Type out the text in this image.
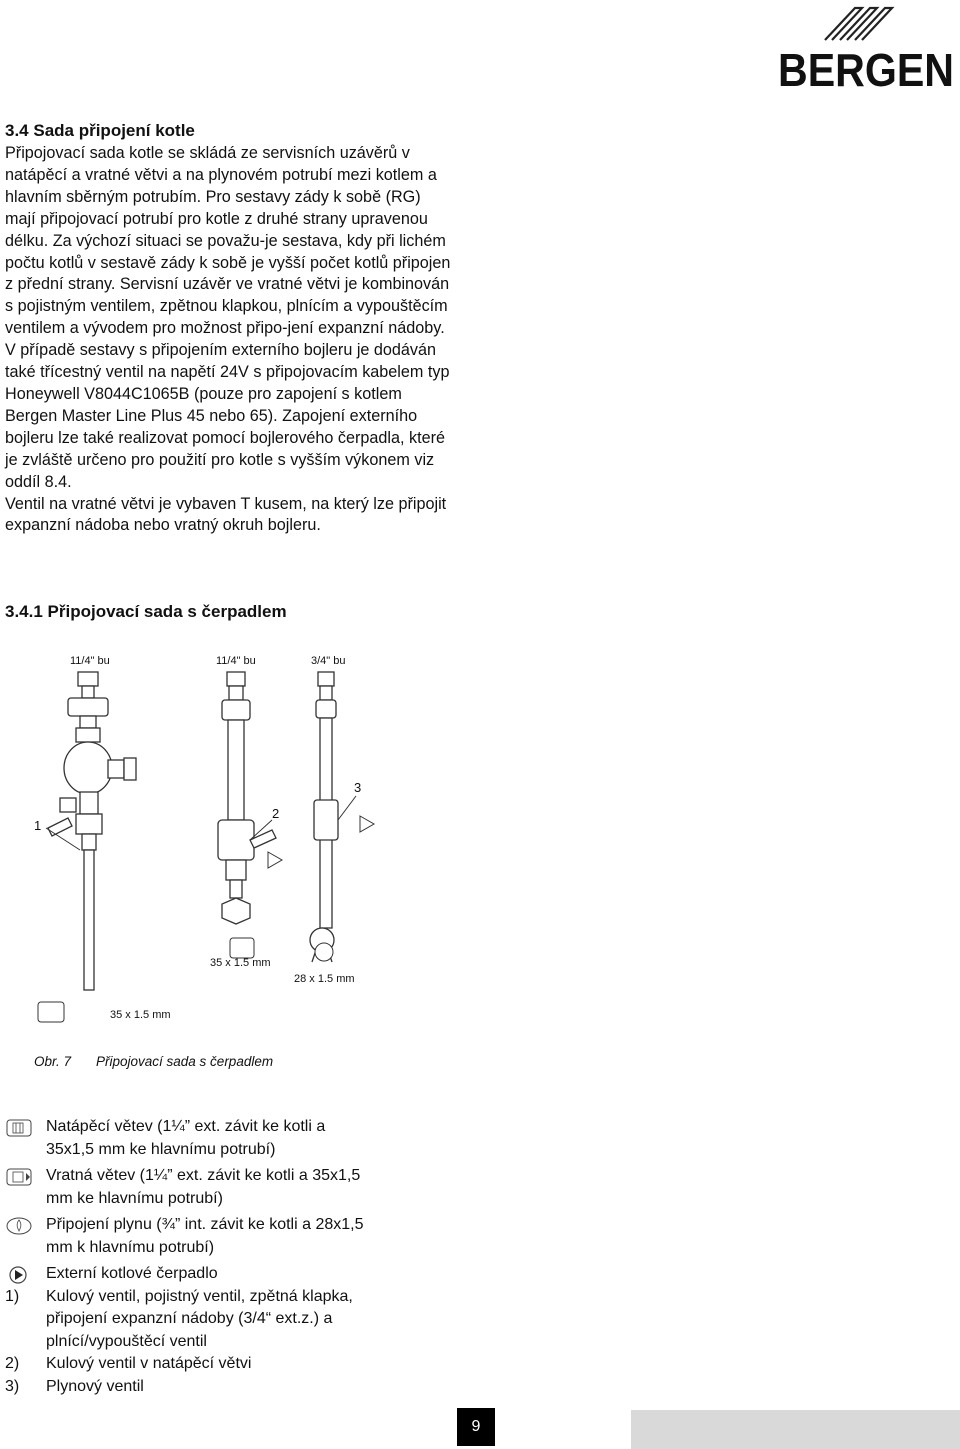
BERGEN
3.4 Sada připojení kotle

Připojovací sada kotle se skládá ze servisních uzávěrů v natápěcí a vratné větvi a na plynovém potrubí mezi kotlem a hlavním sběrným potrubím. Pro sestavy zády k sobě (RG) mají připojovací potrubí pro kotle z druhé strany upravenou délku. Za výchozí situaci se považu-je sestava, kdy při lichém počtu kotlů v sestavě zády k sobě je vyšší počet kotlů připojen z přední strany. Servisní uzávěr ve vratné větvi je kombinován s pojistným ventilem, zpětnou klapkou, plnícím a vypouštěcím ventilem a vývodem pro možnost připo-jení expanzní nádoby. V případě sestavy s připojením externího bojleru je dodáván také třícestný ventil na napětí 24V s připojovacím kabelem typ Honeywell V8044C1065B (pouze pro zapojení s kotlem Bergen Master Line Plus 45 nebo 65). Zapojení externího bojleru lze také realizovat pomocí bojlerového čerpadla, které je zvláště určeno pro použití pro kotle s vyšším výkonem viz oddíl 8.4.

Ventil na vratné větvi je vybaven T kusem, na který lze připojit expanzní nádoba nebo vratný okruh bojleru.

3.4.1 Připojovací sada s čerpadlem
11/4" bu	11/4" bu	3/4" bu
35 x 1.5 mm
35 x 1.5 mm
28 x 1.5 mm
1
2
3
Obr. 7 Připojovací sada s čerpadlem
Natápěcí větev (1¼” ext. závit ke kotli a
35x1,5 mm ke hlavnímu potrubí)
Vratná větev (1¼” ext. závit ke kotli a 35x1,5
mm ke hlavnímu potrubí)
Připojení plynu (¾” int. závit ke kotli a 28x1,5
mm k hlavnímu potrubí)
Externí kotlové čerpadlo
1) Kulový ventil, pojistný ventil, zpětná klapka,
připojení expanzní nádoby (3/4“ ext.z.) a
plnící/vypouštěcí ventil
2) Kulový ventil v natápěcí větvi
3) Plynový ventil
9
